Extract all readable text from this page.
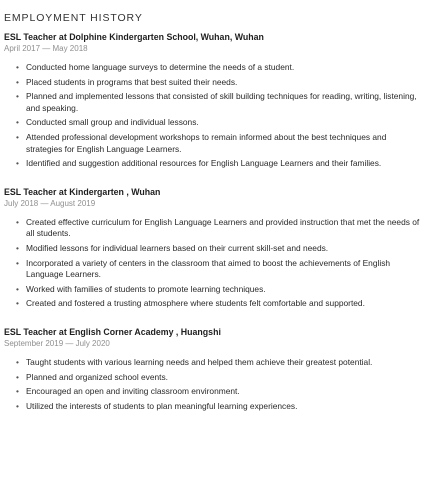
EMPLOYMENT HISTORY
ESL Teacher at Dolphine Kindergarten School, Wuhan, Wuhan
April 2017 — May 2018
• Conducted home language surveys to determine the needs of a student.
• Placed students in programs that best suited their needs.
• Planned and implemented lessons that consisted of skill building techniques for reading, writing, listening, and speaking.
• Conducted small group and individual lessons.
• Attended professional development workshops to remain informed about the best techniques and strategies for English Language Learners.
• Identified and suggestion additional resources for English Language Learners and their families.
ESL Teacher at Kindergarten , Wuhan
July 2018 — August 2019
• Created effective curriculum for English Language Learners and provided instruction that met the needs of all students.
• Modified lessons for individual learners based on their current skill-set and needs.
• Incorporated a variety of centers in the classroom that aimed to boost the achievements of English Language Learners.
• Worked with families of students to promote learning techniques.
• Created and fostered a trusting atmosphere where students felt comfortable and supported.
ESL Teacher at English Corner Academy , Huangshi
September 2019 — July 2020
• Taught students with various learning needs and helped them achieve their greatest potential.
• Planned and organized school events.
• Encouraged an open and inviting classroom environment.
• Utilized the interests of students to plan meaningful learning experiences.
